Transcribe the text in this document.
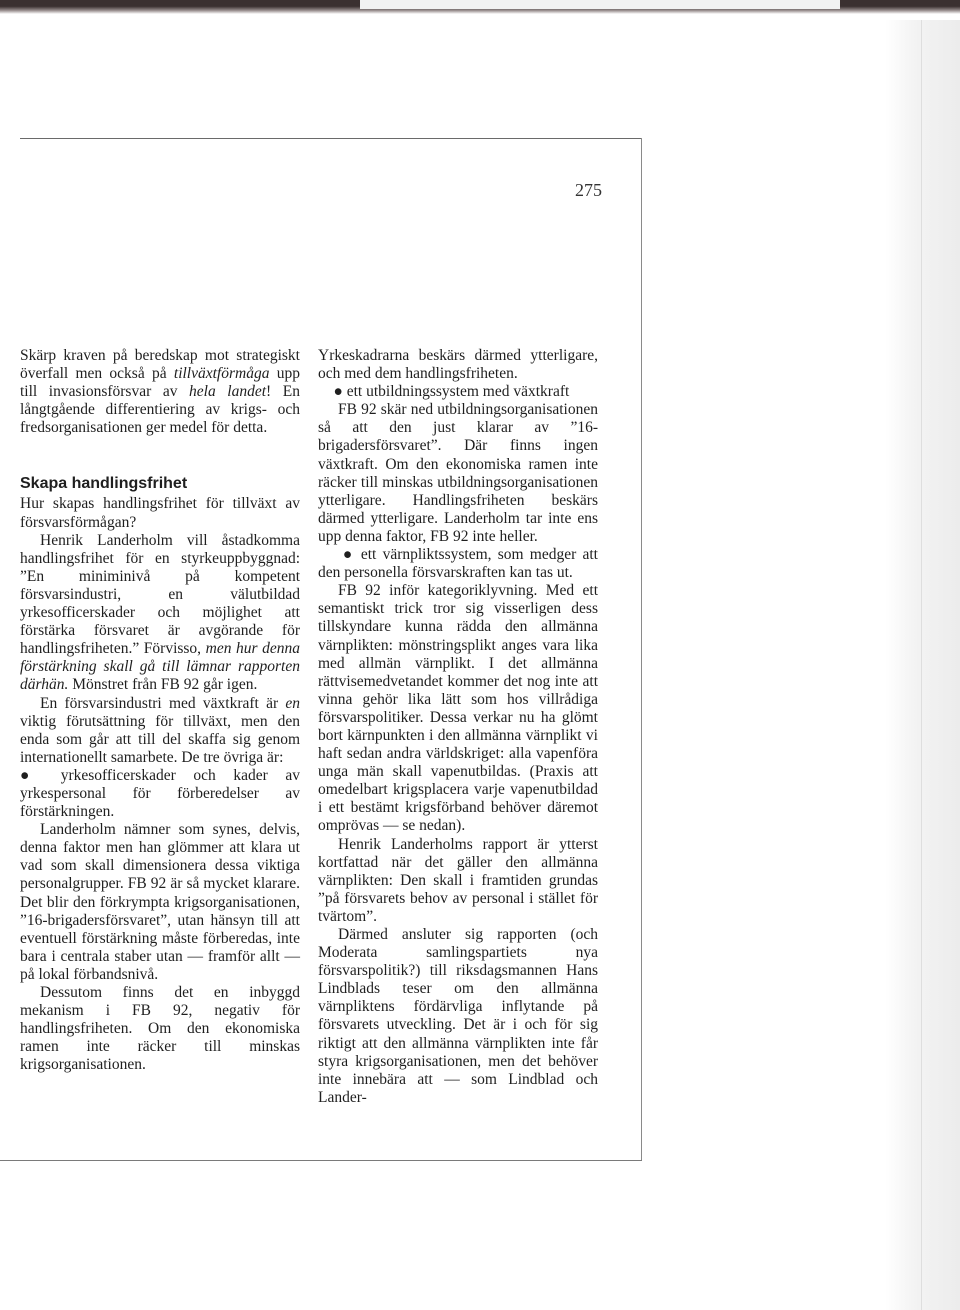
275

Skärp kraven på beredskap mot strategiskt överfall men också på tillväxtförmåga upp till invasionsförsvar av hela landet! En långtgående differentiering av krigs- och fredsorganisationen ger medel för detta.

Skapa handlingsfrihet

Hur skapas handlingsfrihet för tillväxt av försvarsförmågan?

Henrik Landerholm vill åstadkomma handlingsfrihet för en styrkeuppbyggnad: ”En miniminivå på kompetent försvarsindustri, en välutbildad yrkesofficerskader och möjlighet att förstärka försvaret är avgörande för handlingsfriheten.” Förvisso, men hur denna förstärkning skall gå till lämnar rapporten därhän. Mönstret från FB 92 går igen.

En försvarsindustri med växtkraft är en viktig förutsättning för tillväxt, men den enda som går att till del skaffa sig genom internationellt samarbete. De tre övriga är:

● yrkesofficerskader och kader av yrkespersonal för förberedelser av förstärkningen.

Landerholm nämner som synes, delvis, denna faktor men han glömmer att klara ut vad som skall dimensionera dessa viktiga personalgrupper. FB 92 är så mycket klarare. Det blir den förkrympta krigsorganisationen, ”16-brigadersförsvaret”, utan hänsyn till att eventuell förstärkning måste förberedas, inte bara i centrala staber utan — framför allt — på lokal förbandsnivå.

Dessutom finns det en inbyggd mekanism i FB 92, negativ för handlingsfriheten. Om den ekonomiska ramen inte räcker till minskas krigsorganisationen.

Yrkeskadrarna beskärs därmed ytterligare, och med dem handlingsfriheten.

● ett utbildningssystem med växtkraft

FB 92 skär ned utbildningsorganisationen så att den just klarar av ”16-brigadersförsvaret”. Där finns ingen växtkraft. Om den ekonomiska ramen inte räcker till minskas utbildningsorganisationen ytterligare. Handlingsfriheten beskärs därmed ytterligare. Landerholm tar inte ens upp denna faktor, FB 92 inte heller.

● ett värnpliktssystem, som medger att den personella försvarskraften kan tas ut.

FB 92 inför kategoriklyvning. Med ett semantiskt trick tror sig visserligen dess tillskyndare kunna rädda den allmänna värnplikten: mönstringsplikt anges vara lika med allmän värnplikt. I det allmänna rättvisemedvetandet kommer det nog inte att vinna gehör lika lätt som hos villrådiga försvarspolitiker. Dessa verkar nu ha glömt bort kärnpunkten i den allmänna värnplikt vi haft sedan andra världskriget: alla vapenföra unga män skall vapenutbildas. (Praxis att omedelbart krigsplacera varje vapenutbildad i ett bestämt krigsförband behöver däremot omprövas — se nedan).

Henrik Landerholms rapport är ytterst kortfattad när det gäller den allmänna värnplikten: Den skall i framtiden grundas ”på försvarets behov av personal i stället för tvärtom”.

Därmed ansluter sig rapporten (och Moderata samlingspartiets nya försvarspolitik?) till riksdagsmannen Hans Lindblads teser om den allmänna värnpliktens fördärvliga inflytande på försvarets utveckling. Det är i och för sig riktigt att den allmänna värnplikten inte får styra krigsorganisationen, men det behöver inte innebära att — som Lindblad och Lander-
